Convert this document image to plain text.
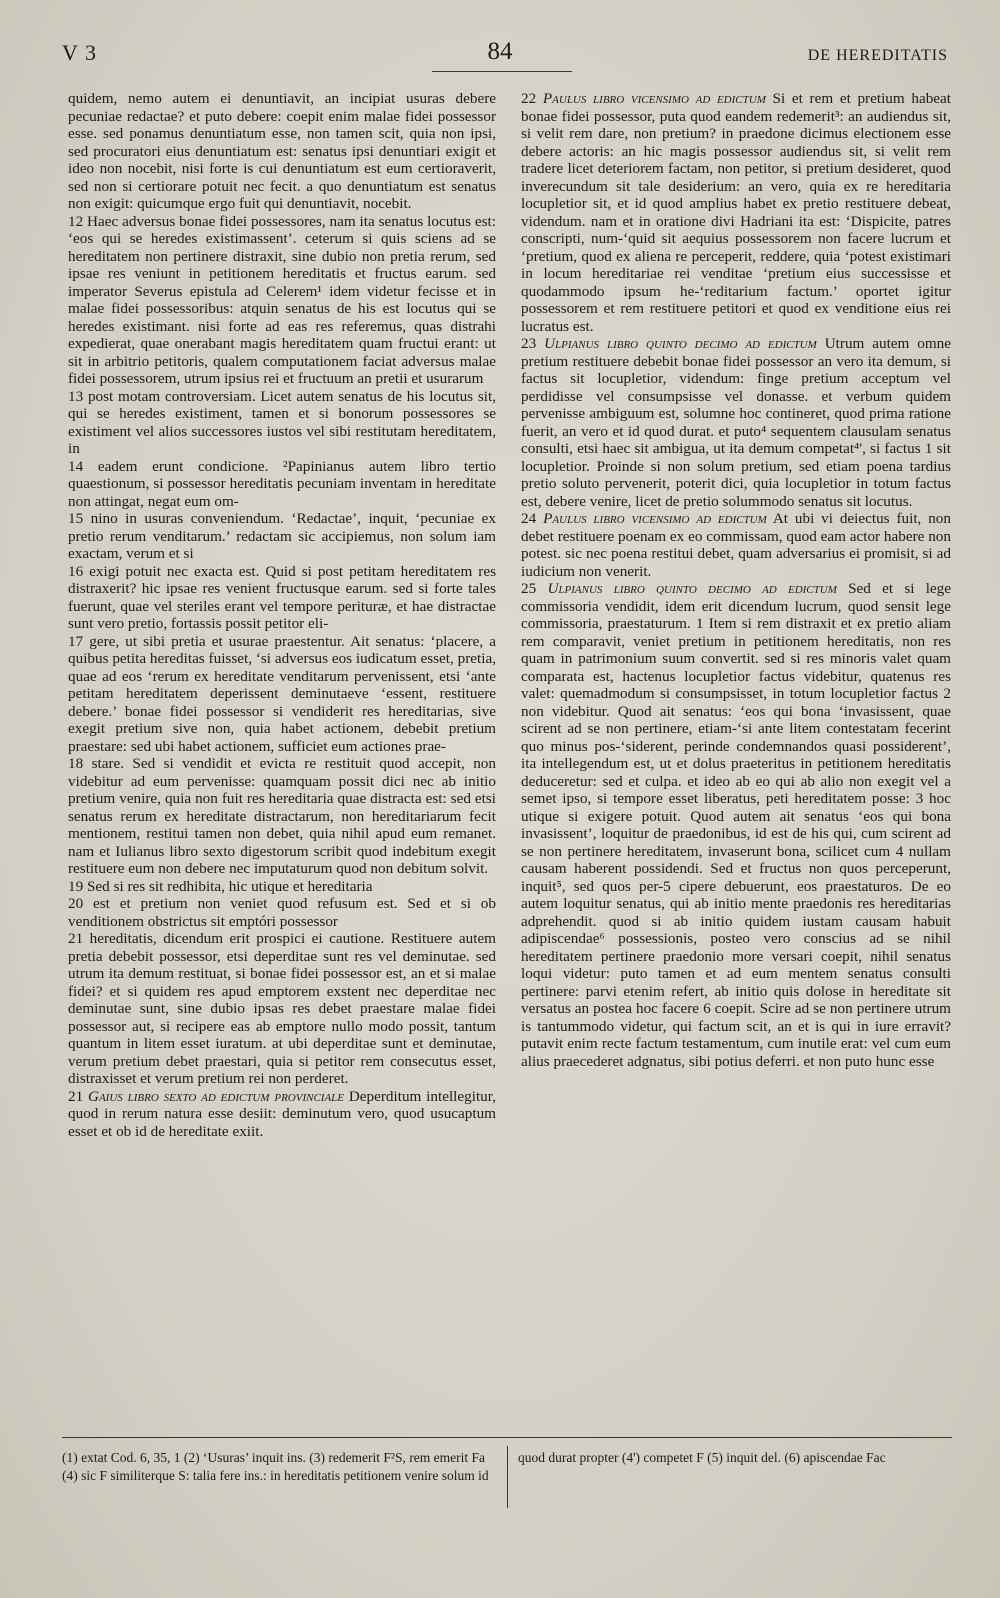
V 3	84	DE HEREDITATIS

quidem, nemo autem ei denuntiavit, an incipiat usuras debere pecuniae redactae? et puto debere: coepit enim malae fidei possessor esse. sed ponamus denuntiatum esse, non tamen scit, quia non ipsi, sed procuratori eius denuntiatum est: senatus ipsi denuntiari exigit et ideo non nocebit, nisi forte is cui denuntiatum est eum certioraverit, sed non si certiorare potuit nec fecit. a quo denuntiatum est senatus non exigit: quicumque ergo fuit qui denuntiavit, nocebit.

12 Haec adversus bonae fidei possessores, nam ita senatus locutus est: ‘eos qui se heredes existimassent’. ceterum si quis sciens ad se hereditatem non pertinere distraxit, sine dubio non pretia rerum, sed ipsae res veniunt in petitionem hereditatis et fructus earum. sed imperator Severus epistula ad Celerem¹ idem videtur fecisse et in malae fidei possessoribus: atquin senatus de his est locutus qui se heredes existimant. nisi forte ad eas res referemus, quas distrahi expedierat, quae onerabant magis hereditatem quam fructui erant: ut sit in arbitrio petitoris, qualem computationem faciat adversus malae fidei possessorem, utrum ipsius rei et fructuum an pretii et usurarum

13 post motam controversiam. Licet autem senatus de his locutus sit, qui se heredes existiment, tamen et si bonorum possessores se existiment vel alios successores iustos vel sibi restitutam hereditatem, in

14 eadem erunt condicione. ²Papinianus autem libro tertio quaestionum, si possessor hereditatis pecuniam inventam in hereditate non attingat, negat eum om-

15 nino in usuras conveniendum. ‘Redactae’, inquit, ‘pecuniae ex pretio rerum venditarum.’ redactam sic accipiemus, non solum iam exactam, verum et si

16 exigi potuit nec exacta est. Quid si post petitam hereditatem res distraxerit? hic ipsae res venient fructusque earum. sed si forte tales fuerunt, quae vel steriles erant vel tempore perituræ, et hae distractae sunt vero pretio, fortassis possit petitor eli-

17 gere, ut sibi pretia et usurae praestentur. Ait senatus: ‘placere, a quibus petita hereditas fuisset, ‘si adversus eos iudicatum esset, pretia, quae ad eos ‘rerum ex hereditate venditarum pervenissent, etsi ‘ante petitam hereditatem deperissent deminutaeve ‘essent, restituere debere.’ bonae fidei possessor si vendiderit res hereditarias, sive exegit pretium sive non, quia habet actionem, debebit pretium praestare: sed ubi habet actionem, sufficiet eum actiones prae-

18 stare. Sed si vendidit et evicta re restituit quod accepit, non videbitur ad eum pervenisse: quamquam possit dici nec ab initio pretium venire, quia non fuit res hereditaria quae distracta est: sed etsi senatus rerum ex hereditate distractarum, non hereditariarum fecit mentionem, restitui tamen non debet, quia nihil apud eum remanet. nam et Iulianus libro sexto digestorum scribit quod indebitum exegit restituere eum non debere nec imputaturum quod non debitum solvit.

19 Sed si res sit redhibita, hic utique et hereditaria

20 est et pretium non veniet quod refusum est. Sed et si ob venditionem obstrictus sit emptóri possessor

21 hereditatis, dicendum erit prospici ei cautione. Restituere autem pretia debebit possessor, etsi deperditae sunt res vel deminutae. sed utrum ita demum restituat, si bonae fidei possessor est, an et si malae fidei? et si quidem res apud emptorem exstent nec deperditae nec deminutae sunt, sine dubio ipsas res debet praestare malae fidei possessor aut, si recipere eas ab emptore nullo modo possit, tantum quantum in litem esset iuratum. at ubi deperditae sunt et deminutae, verum pretium debet praestari, quia si petitor rem consecutus esset, distraxisset et verum pretium rei non perderet.

21 Gaius libro sexto ad edictum provinciale Deperditum intellegitur, quod in rerum natura esse desiit: deminutum vero, quod usucaptum esset et ob id de hereditate exiit.

22 Paulus libro vicensimo ad edictum Si et rem et pretium habeat bonae fidei possessor, puta quod eandem redemerit³: an audiendus sit, si velit rem dare, non pretium? in praedone dicimus electionem esse debere actoris: an hic magis possessor audiendus sit, si velit rem tradere licet deteriorem factam, non petitor, si pretium desideret, quod inverecundum sit tale desiderium: an vero, quia ex re hereditaria locupletior sit, et id quod amplius habet ex pretio restituere debeat, videndum. nam et in oratione divi Hadriani ita est: ‘Dispicite, patres conscripti, num-‘quid sit aequius possessorem non facere lucrum et ‘pretium, quod ex aliena re perceperit, reddere, quia ‘potest existimari in locum hereditariae rei venditae ‘pretium eius successisse et quodammodo ipsum he-‘reditarium factum.’ oportet igitur possessorem et rem restituere petitori et quod ex venditione eius rei lucratus est.

23 Ulpianus libro quinto decimo ad edictum Utrum autem omne pretium restituere debebit bonae fidei possessor an vero ita demum, si factus sit locupletior, videndum: finge pretium acceptum vel perdidisse vel consumpsisse vel donasse. et verbum quidem pervenisse ambiguum est, solumne hoc contineret, quod prima ratione fuerit, an vero et id quod durat. et puto⁴ sequentem clausulam senatus consulti, etsi haec sit ambigua, ut ita demum competat⁴', si factus 1 sit locupletior. Proinde si non solum pretium, sed etiam poena tardius pretio soluto pervenerit, poterit dici, quia locupletior in totum factus est, debere venire, licet de pretio solummodo senatus sit locutus.

24 Paulus libro vicensimo ad edictum At ubi vi deiectus fuit, non debet restituere poenam ex eo commissam, quod eam actor habere non potest. sic nec poena restitui debet, quam adversarius ei promisit, si ad iudicium non venerit.

25 Ulpianus libro quinto decimo ad edictum Sed et si lege commissoria vendidit, idem erit dicendum lucrum, quod sensit lege commissoria, praestaturum. 1 Item si rem distraxit et ex pretio aliam rem comparavit, veniet pretium in petitionem hereditatis, non res quam in patrimonium suum convertit. sed si res minoris valet quam comparata est, hactenus locupletior factus videbitur, quatenus res valet: quemadmodum si consumpsisset, in totum locupletior factus 2 non videbitur. Quod ait senatus: ‘eos qui bona ‘invasissent, quae scirent ad se non pertinere, etiam-‘si ante litem contestatam fecerint quo minus pos-‘siderent, perinde condemnandos quasi possiderent’, ita intellegendum est, ut et dolus praeteritus in petitionem hereditatis deduceretur: sed et culpa. et ideo ab eo qui ab alio non exegit vel a semet ipso, si tempore esset liberatus, peti hereditatem posse: 3 hoc utique si exigere potuit. Quod autem ait senatus ‘eos qui bona invasissent’, loquitur de praedonibus, id est de his qui, cum scirent ad se non pertinere hereditatem, invaserunt bona, scilicet cum 4 nullam causam haberent possidendi. Sed et fructus non quos perceperunt, inquit⁵, sed quos per-5 cipere debuerunt, eos praestaturos. De eo autem loquitur senatus, qui ab initio mente praedonis res hereditarias adprehendit. quod si ab initio quidem iustam causam habuit adipiscendae⁶ possessionis, posteo vero conscius ad se nihil hereditatem pertinere praedonio more versari coepit, nihil senatus loqui videtur: puto tamen et ad eum mentem senatus consulti pertinere: parvi etenim refert, ab initio quis dolose in hereditate sit versatus an postea hoc facere 6 coepit. Scire ad se non pertinere utrum is tantummodo videtur, qui factum scit, an et is qui in iure erravit? putavit enim recte factum testamentum, cum inutile erat: vel cum eum alius praecederet adgnatus, sibi potius deferri. et non puto hunc esse

(1) extat Cod. 6, 35, 1 (2) ‘Usuras’ inquit ins. (3) redemerit F²S, rem emerit Fa (4) sic F similiterque S: talia fere ins.: in hereditatis petitionem venire solum id
quod durat propter (4') competet F (5) inquit del. (6) apiscendae Fac
